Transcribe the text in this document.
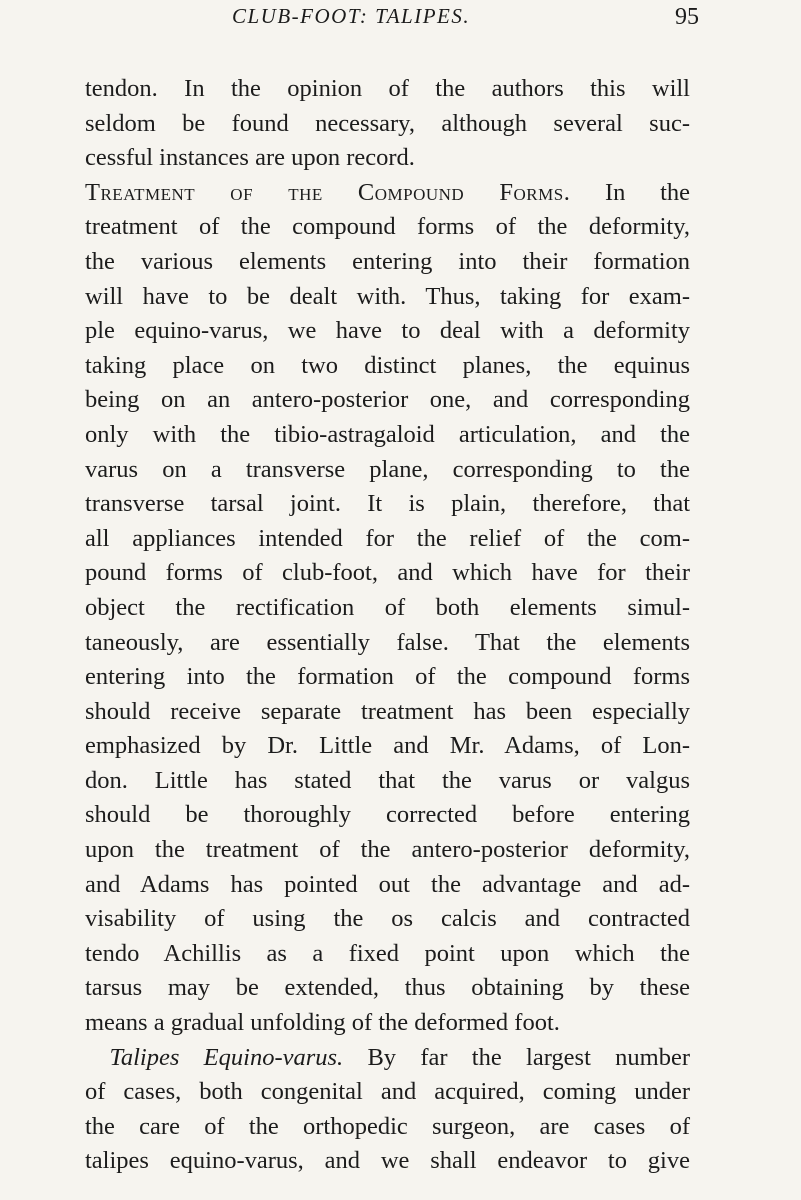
CLUB-FOOT: TALIPES.	95
tendon. In the opinion of the authors this will
seldom be found necessary, although several suc-
cessful instances are upon record.
Treatment of the Compound Forms. In the
treatment of the compound forms of the deformity,
the various elements entering into their formation
will have to be dealt with. Thus, taking for exam-
ple equino-varus, we have to deal with a deformity
taking place on two distinct planes, the equinus
being on an antero-posterior one, and corresponding
only with the tibio-astragaloid articulation, and the
varus on a transverse plane, corresponding to the
transverse tarsal joint. It is plain, therefore, that
all appliances intended for the relief of the com-
pound forms of club-foot, and which have for their
object the rectification of both elements simul-
taneously, are essentially false. That the elements
entering into the formation of the compound forms
should receive separate treatment has been especially
emphasized by Dr. Little and Mr. Adams, of Lon-
don. Little has stated that the varus or valgus
should be thoroughly corrected before entering
upon the treatment of the antero-posterior deformity,
and Adams has pointed out the advantage and ad-
visability of using the os calcis and contracted
tendo Achillis as a fixed point upon which the
tarsus may be extended, thus obtaining by these
means a gradual unfolding of the deformed foot.
 Talipes Equino-varus. By far the largest number
of cases, both congenital and acquired, coming under
the care of the orthopedic surgeon, are cases of
talipes equino-varus, and we shall endeavor to give
